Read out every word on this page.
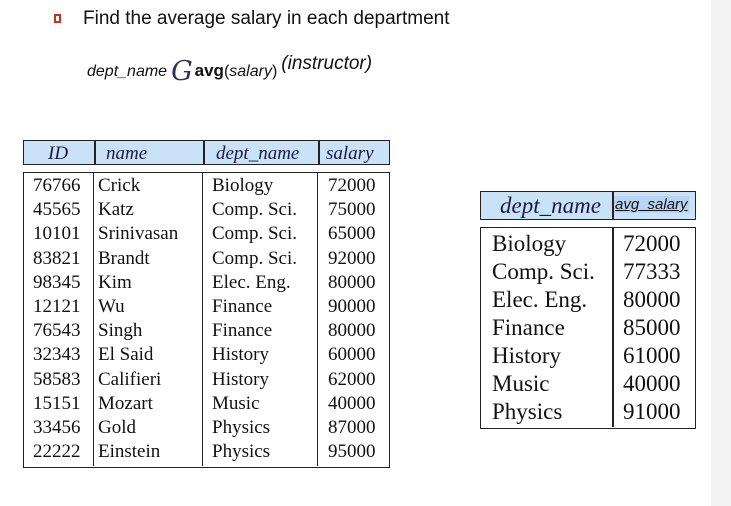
Find the average salary in each department
dept_name G avg(salary) (instructor)
ID name	dept_name salary
76766 Crick	Biology	72000
45565 Katz	Comp. Sci. 75000
10101 Srinivasan Comp. Sci. 65000
83821 Brandt	Comp. Sci. 92000
98345 Kim	Elec. Eng. 80000
12121 Wu	Finance	90000
76543 Singh	Finance	80000
32343 El Said	History	60000
58583 Califieri	History	62000
15151 Mozart	Music	40000
33456 Gold	Physics	87000
22222 Einstein	Physics	95000
dept_name avg_salary
Biology 72000
Comp. Sci. 77333
Elec. Eng. 80000
Finance	85000
History	61000
Music	40000
Physics	91000
